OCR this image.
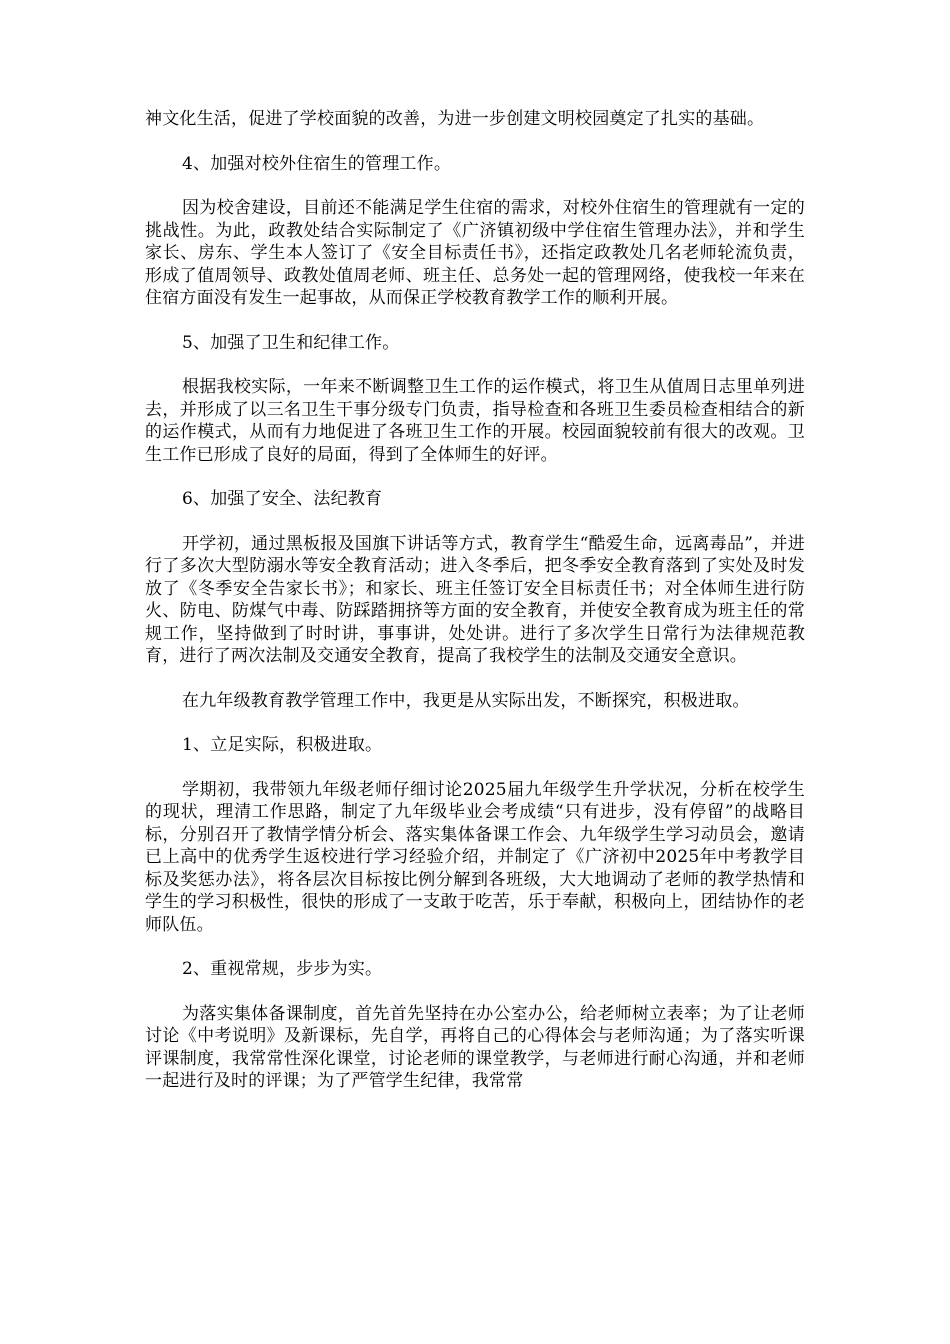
神文化生活，促进了学校面貌的改善，为进一步创建文明校园奠定了扎实的基础。

4、加强对校外住宿生的管理工作。

因为校舍建设，目前还不能满足学生住宿的需求，对校外住宿生的管理就有一定的挑战性。为此，政教处结合实际制定了《广济镇初级中学住宿生管理办法》，并和学生家长、房东、学生本人签订了《安全目标责任书》，还指定政教处几名老师轮流负责，形成了值周领导、政教处值周老师、班主任、总务处一起的管理网络，使我校一年来在住宿方面没有发生一起事故，从而保正学校教育教学工作的顺利开展。

5、加强了卫生和纪律工作。

根据我校实际，一年来不断调整卫生工作的运作模式，将卫生从值周日志里单列进去，并形成了以三名卫生干事分级专门负责，指导检查和各班卫生委员检查相结合的新的运作模式，从而有力地促进了各班卫生工作的开展。校园面貌较前有很大的改观。卫生工作已形成了良好的局面，得到了全体师生的好评。

6、加强了安全、法纪教育

开学初，通过黑板报及国旗下讲话等方式，教育学生“酷爱生命，远离毒品”，并进行了多次大型防溺水等安全教育活动；进入冬季后，把冬季安全教育落到了实处及时发放了《冬季安全告家长书》；和家长、班主任签订安全目标责任书；对全体师生进行防火、防电、防煤气中毒、防踩踏拥挤等方面的安全教育，并使安全教育成为班主任的常规工作，坚持做到了时时讲，事事讲，处处讲。进行了多次学生日常行为法律规范教育，进行了两次法制及交通安全教育，提高了我校学生的法制及交通安全意识。

在九年级教育教学管理工作中，我更是从实际出发，不断探究，积极进取。

1、立足实际，积极进取。

学期初，我带领九年级老师仔细讨论2025届九年级学生升学状况，分析在校学生的现状，理清工作思路，制定了九年级毕业会考成绩“只有进步，没有停留”的战略目标，分别召开了教情学情分析会、落实集体备课工作会、九年级学生学习动员会，邀请已上高中的优秀学生返校进行学习经验介绍，并制定了《广济初中2025年中考教学目标及奖惩办法》，将各层次目标按比例分解到各班级，大大地调动了老师的教学热情和学生的学习积极性，很快的形成了一支敢于吃苦，乐于奉献，积极向上，团结协作的老师队伍。

2、重视常规，步步为实。

为落实集体备课制度，首先首先坚持在办公室办公，给老师树立表率；为了让老师讨论《中考说明》及新课标，先自学，再将自己的心得体会与老师沟通；为了落实听课评课制度，我常常性深化课堂，讨论老师的课堂教学，与老师进行耐心沟通，并和老师一起进行及时的评课；为了严管学生纪律，我常常
